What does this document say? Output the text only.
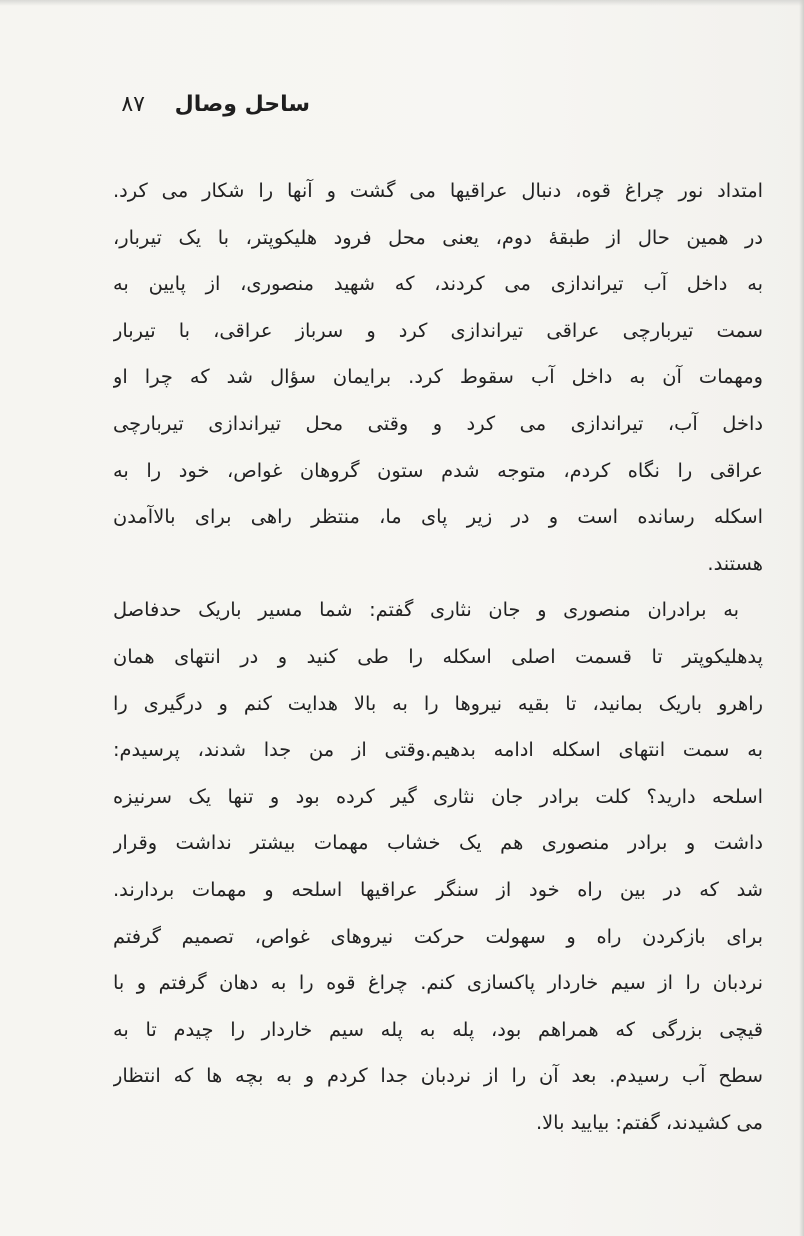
ساحل وصال ۸۷
امتداد نور چراغ قوه، دنبال عراقیها می گشت و آنها را شکار می کرد.
در همین حال از طبقهٔ دوم، یعنی محل فرود هلیکوپتر، با یک تیربار،
به داخل آب تیراندازی می کردند، که شهید منصوری، از پایین به
سمت تیربارچی عراقی تیراندازی کرد و سرباز عراقی، با تیربار
ومهمات آن به داخل آب سقوط کرد. برایمان سؤال شد که چرا او
داخل آب، تیراندازی می کرد و وقتی محل تیراندازی تیربارچی
عراقی را نگاه کردم، متوجه شدم ستون گروهان غواص، خود را به
اسکله رسانده است و در زیر پای ما، منتظر راهی برای بالاآمدن
هستند.
به برادران منصوری و جان نثاری گفتم: شما مسیر باریک حدفاصل
پدهلیکوپتر تا قسمت اصلی اسکله را طی کنید و در انتهای همان
راهرو باریک بمانید، تا بقیه نیروها را به بالا هدایت کنم و درگیری را
به سمت انتهای اسکله ادامه بدهیم.وقتی از من جدا شدند، پرسیدم:
اسلحه دارید؟ کلت برادر جان نثاری گیر کرده بود و تنها یک سرنیزه
داشت و برادر منصوری هم یک خشاب مهمات بیشتر نداشت وقرار
شد که در بین راه خود از سنگر عراقیها اسلحه و مهمات بردارند.
برای بازکردن راه و سهولت حرکت نیروهای غواص، تصمیم گرفتم
نردبان را از سیم خاردار پاکسازی کنم. چراغ قوه را به دهان گرفتم و با
قیچی بزرگی که همراهم بود، پله به پله سیم خاردار را چیدم تا به
سطح آب رسیدم. بعد آن را از نردبان جدا کردم و به بچه ها که انتظار
می کشیدند، گفتم: بیایید بالا.
